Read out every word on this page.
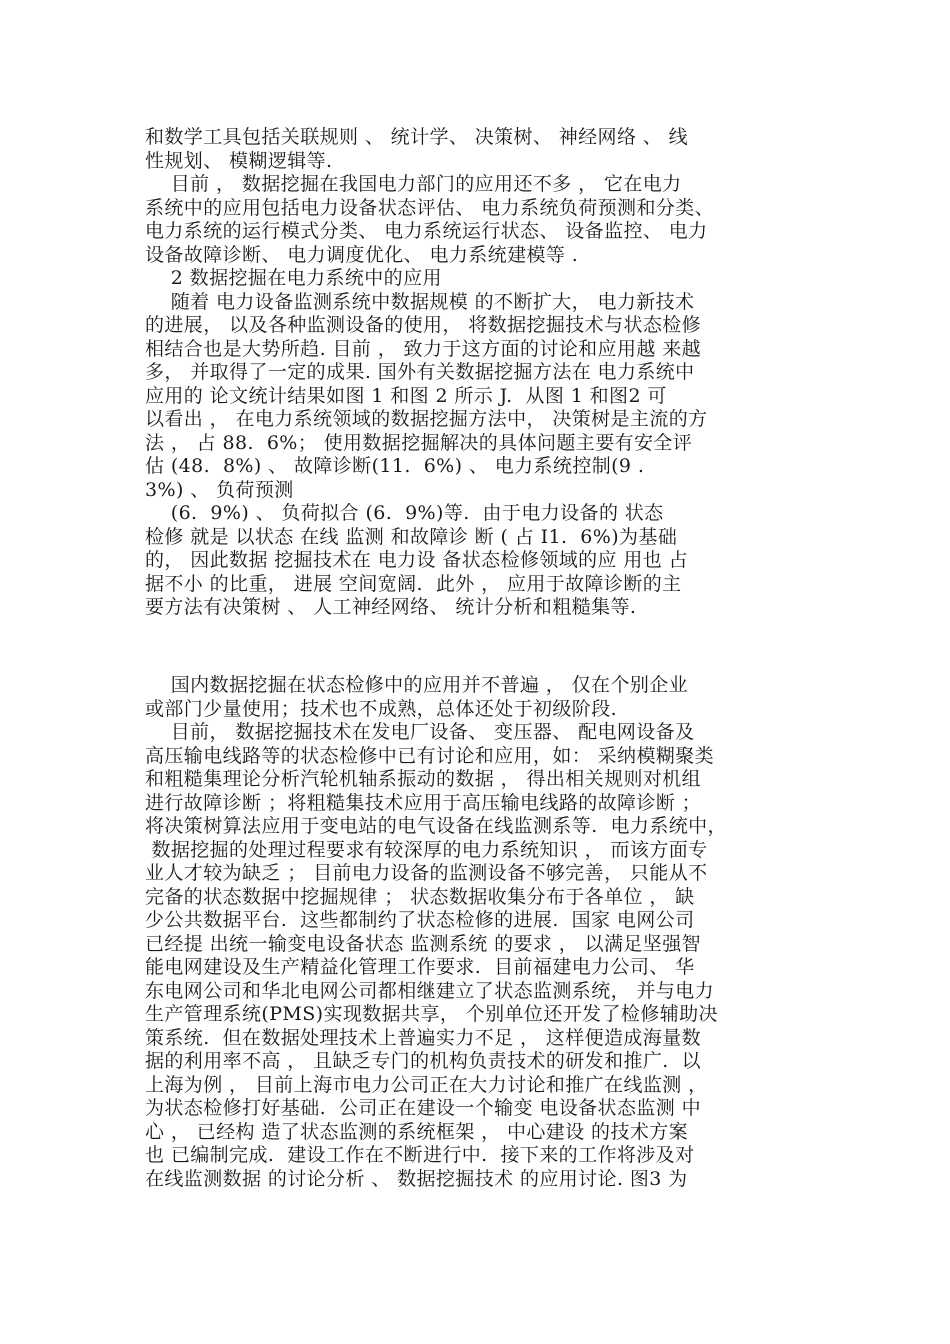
和数学工具包括关联规则 、 统计学、 决策树、 神经网络 、 线
性规划、 模糊逻辑等.
目前 ， 数据挖掘在我国电力部门的应用还不多 ， 它在电力
系统中的应用包括电力设备状态评估、 电力系统负荷预测和分类、
电力系统的运行模式分类、 电力系统运行状态、 设备监控、 电力
设备故障诊断、 电力调度优化、 电力系统建模等 .
2 数据挖掘在电力系统中的应用
随着 电力设备监测系统中数据规模 的不断扩大， 电力新技术
的进展， 以及各种监测设备的使用， 将数据挖掘技术与状态检修
相结合也是大势所趋. 目前 ， 致力于这方面的讨论和应用越 来越
多， 并取得了一定的成果. 国外有关数据挖掘方法在 电力系统中
应用的 论文统计结果如图 1 和图 2 所示 J.  从图 1 和图2 可
以看出 ， 在电力系统领域的数据挖掘方法中， 决策树是主流的方
法 ， 占 88.  6%； 使用数据挖掘解决的具体问题主要有安全评
估 (48.  8%) 、 故障诊断(11.  6%) 、 电力系统控制(9 .
3%) 、 负荷预测
(6.  9%) 、 负荷拟合 (6.  9%)等.  由于电力设备的 状态
检修 就是 以状态 在线 监测 和故障诊 断 ( 占 I1.  6%)为基础
的， 因此数据 挖掘技术在 电力设 备状态检修领域的应 用也 占
据不小 的比重， 进展 空间宽阔.  此外 ， 应用于故障诊断的主
要方法有决策树 、 人工神经网络、 统计分析和粗糙集等.
国内数据挖掘在状态检修中的应用并不普遍 ， 仅在个别企业
或部门少量使用；技术也不成熟，总体还处于初级阶段.
目前， 数据挖掘技术在发电厂设备、 变压器、 配电网设备及
高压输电线路等的状态检修中已有讨论和应用，如： 采纳模糊聚类
和粗糙集理论分析汽轮机轴系振动的数据 ， 得出相关规则对机组
进行故障诊断 ；将粗糙集技术应用于高压输电线路的故障诊断 ；
将决策树算法应用于变电站的电气设备在线监测系等.  电力系统中，
数据挖掘的处理过程要求有较深厚的电力系统知识 ， 而该方面专
业人才较为缺乏 ； 目前电力设备的监测设备不够完善， 只能从不
完备的状态数据中挖掘规律 ； 状态数据收集分布于各单位 ， 缺
少公共数据平台.  这些都制约了状态检修的进展.  国家 电网公司
已经提 出统一输变电设备状态 监测系统 的要求 ， 以满足坚强智
能电网建设及生产精益化管理工作要求.  目前福建电力公司、 华
东电网公司和华北电网公司都相继建立了状态监测系统， 并与电力
生产管理系统(PMS)实现数据共享， 个别单位还开发了检修辅助决
策系统.  但在数据处理技术上普遍实力不足 ， 这样便造成海量数
据的利用率不高 ， 且缺乏专门的机构负责技术的研发和推广.  以
上海为例 ， 目前上海市电力公司正在大力讨论和推广在线监测 ，
为状态检修打好基础.  公司正在建设一个输变 电设备状态监测 中
心 ， 已经构 造了状态监测的系统框架 ， 中心建设 的技术方案
也 已编制完成.  建设工作在不断进行中.  接下来的工作将涉及对
在线监测数据 的讨论分析 、 数据挖掘技术 的应用讨论. 图3 为
